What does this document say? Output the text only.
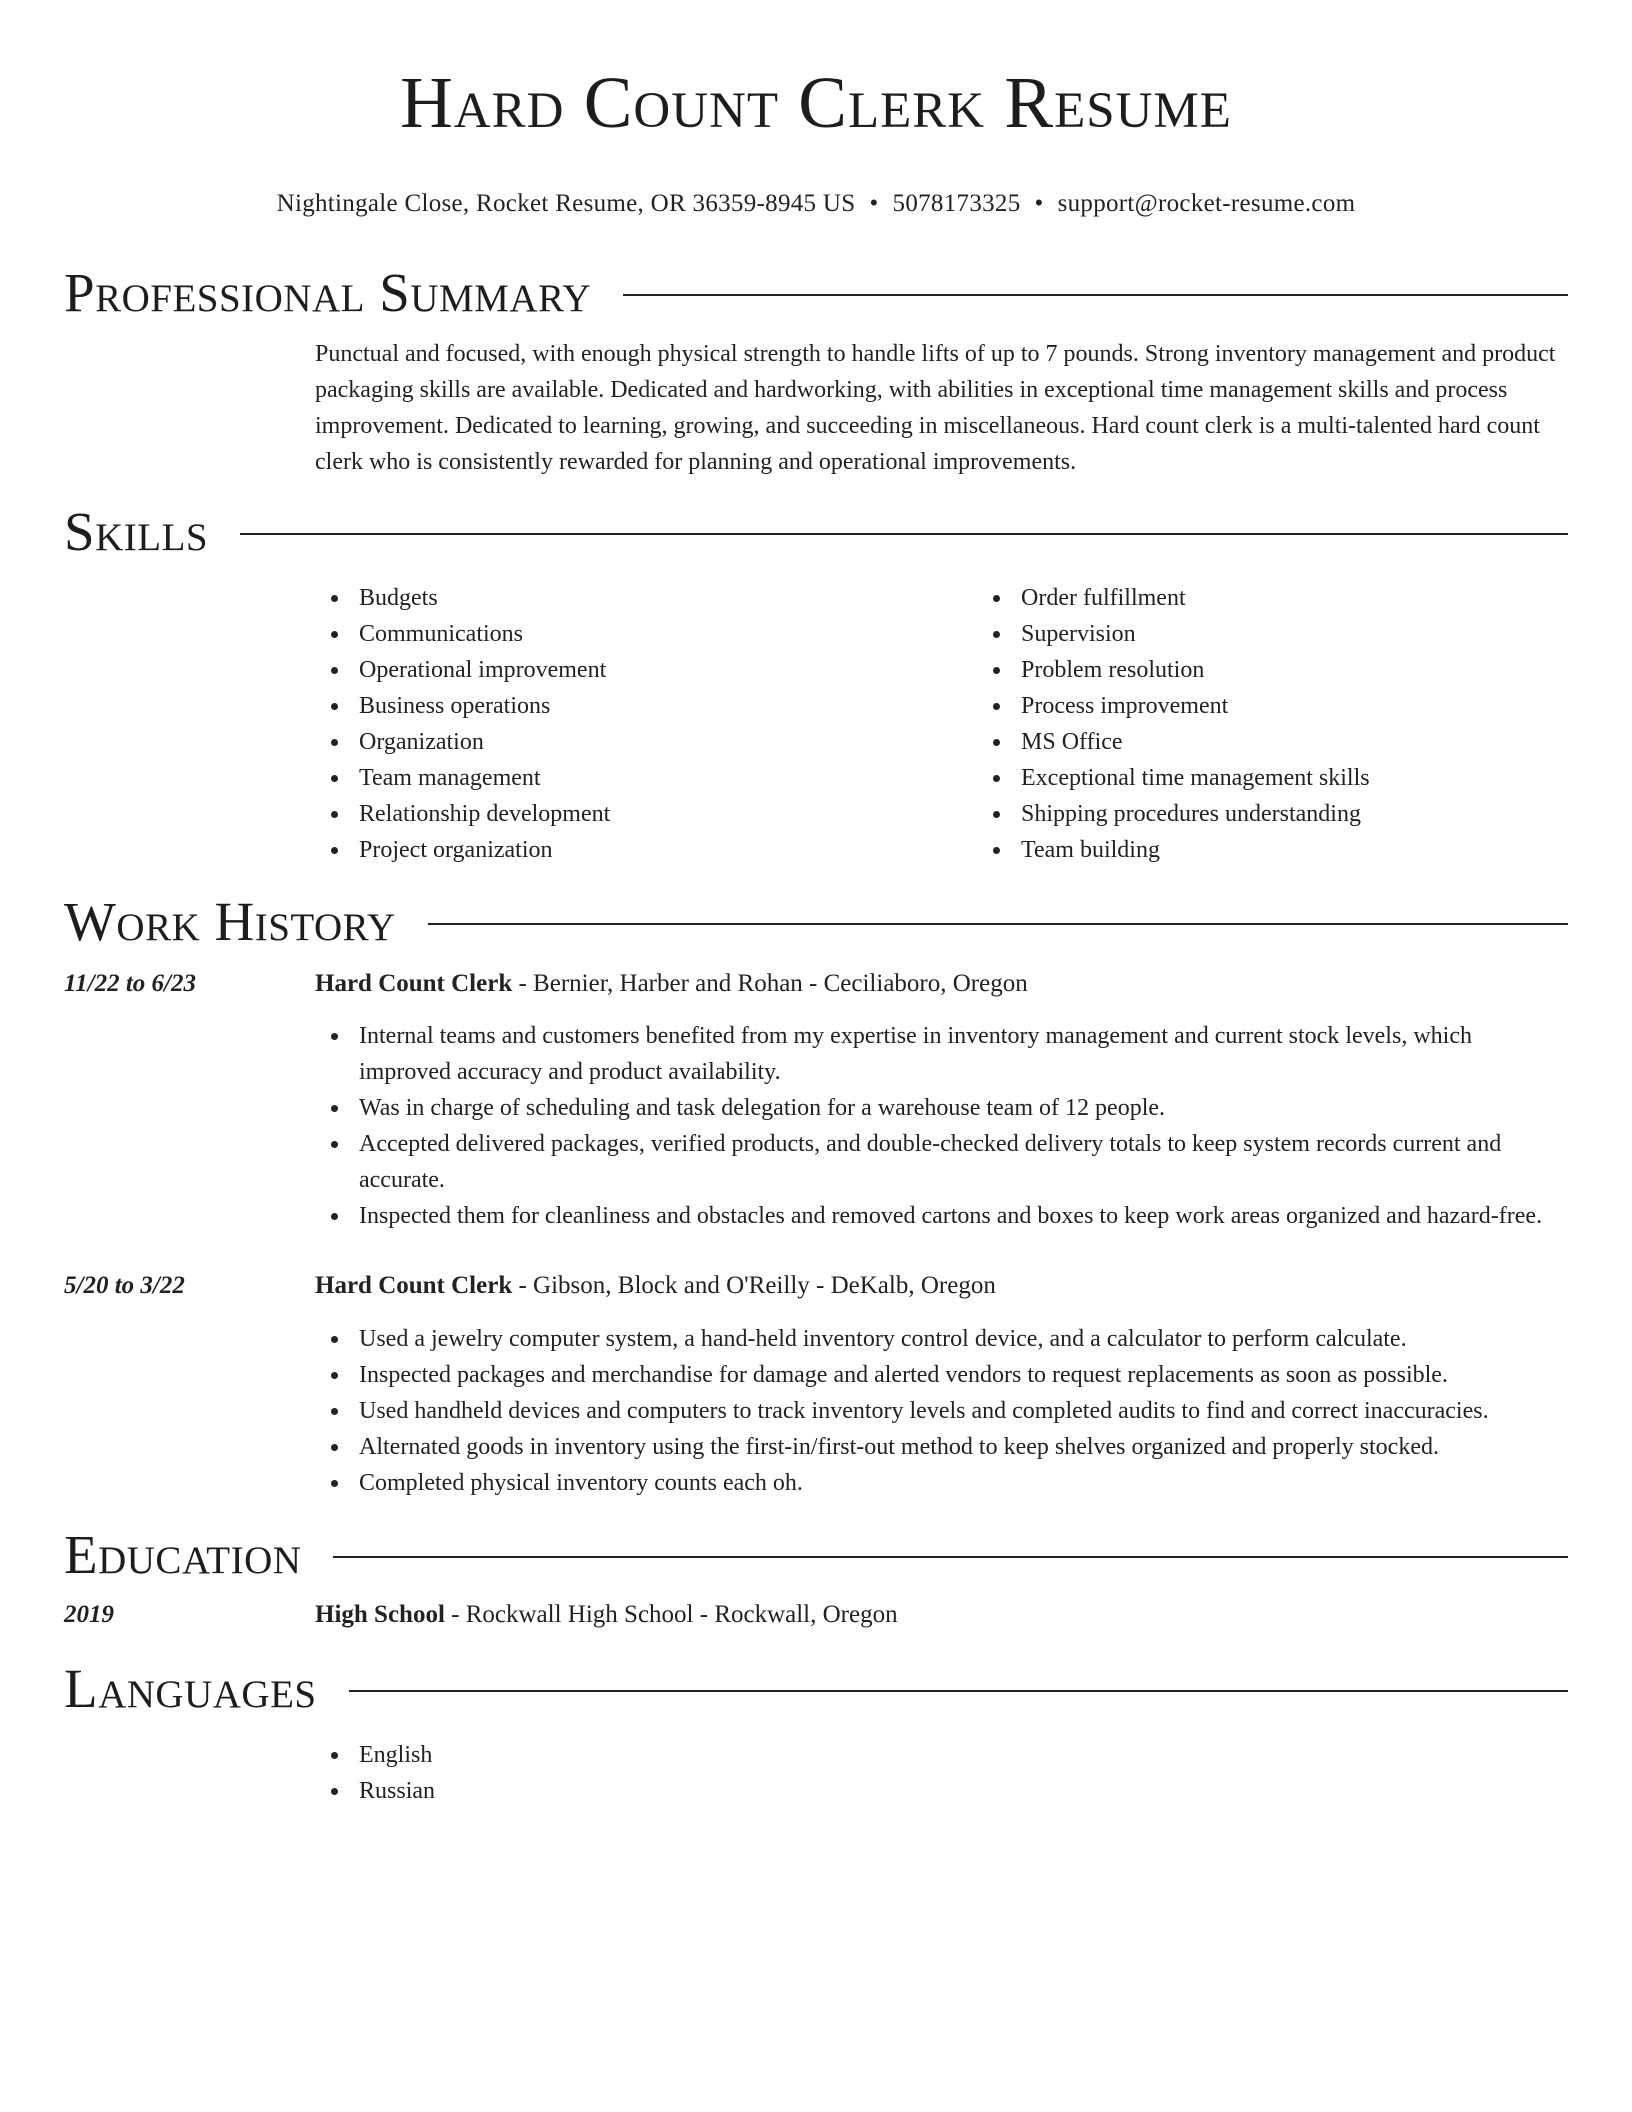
Hard Count Clerk Resume
Nightingale Close, Rocket Resume, OR 36359-8945 US • 5078173325 • support@rocket-resume.com
Professional Summary
Punctual and focused, with enough physical strength to handle lifts of up to 7 pounds. Strong inventory management and product packaging skills are available. Dedicated and hardworking, with abilities in exceptional time management skills and process improvement. Dedicated to learning, growing, and succeeding in miscellaneous. Hard count clerk is a multi-talented hard count clerk who is consistently rewarded for planning and operational improvements.
Skills
Budgets
Communications
Operational improvement
Business operations
Organization
Team management
Relationship development
Project organization
Order fulfillment
Supervision
Problem resolution
Process improvement
MS Office
Exceptional time management skills
Shipping procedures understanding
Team building
Work History
11/22 to 6/23	Hard Count Clerk - Bernier, Harber and Rohan - Ceciliaboro, Oregon
Internal teams and customers benefited from my expertise in inventory management and current stock levels, which improved accuracy and product availability.
Was in charge of scheduling and task delegation for a warehouse team of 12 people.
Accepted delivered packages, verified products, and double-checked delivery totals to keep system records current and accurate.
Inspected them for cleanliness and obstacles and removed cartons and boxes to keep work areas organized and hazard-free.
5/20 to 3/22	Hard Count Clerk - Gibson, Block and O'Reilly - DeKalb, Oregon
Used a jewelry computer system, a hand-held inventory control device, and a calculator to perform calculate.
Inspected packages and merchandise for damage and alerted vendors to request replacements as soon as possible.
Used handheld devices and computers to track inventory levels and completed audits to find and correct inaccuracies.
Alternated goods in inventory using the first-in/first-out method to keep shelves organized and properly stocked.
Completed physical inventory counts each oh.
Education
2019	High School - Rockwall High School - Rockwall, Oregon
Languages
English
Russian
